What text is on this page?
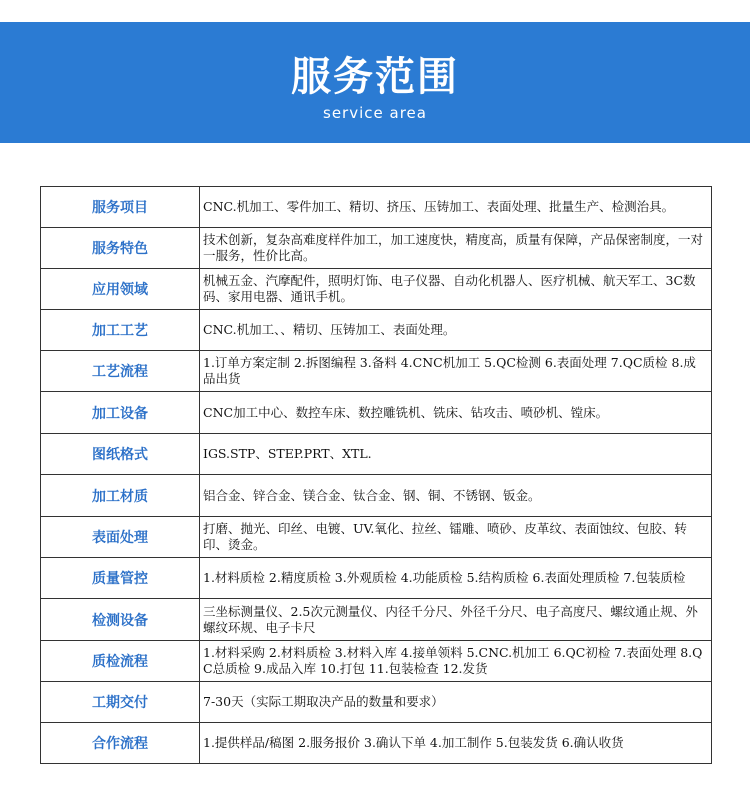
服务范围
service area
服务项目	CNC.机加工、零件加工、精切、挤压、压铸加工、表面处理、批量生产、检测治具。
服务特色	技术创新，复杂高难度样件加工，加工速度快，精度高，质量有保障，产品保密制度，一对一服务，性价比高。
应用领域	机械五金、汽摩配件，照明灯饰、电子仪器、自动化机器人、医疗机械、航天军工、3C数码、家用电器、通讯手机。
加工工艺	CNC.机加工、、精切、压铸加工、表面处理。
工艺流程	1.订单方案定制 2.拆图编程 3.备料 4.CNC机加工 5.QC检测 6.表面处理 7.QC质检 8.成品出货
加工设备	CNC加工中心、数控车床、数控雕铣机、铣床、钻攻击、喷砂机、镗床。
图纸格式	IGS.STP、STEP.PRT、XTL.
加工材质	铝合金、锌合金、镁合金、钛合金、钢、铜、不锈钢、钣金。
表面处理	打磨、抛光、印丝、电镀、UV.氧化、拉丝、镭雕、喷砂、皮革纹、表面蚀纹、包胶、转印、烫金。
质量管控	1.材料质检 2.精度质检 3.外观质检 4.功能质检 5.结构质检 6.表面处理质检 7.包装质检
检测设备	三坐标测量仪、2.5次元测量仪、内径千分尺、外径千分尺、电子高度尺、螺纹通止规、外螺纹环规、电子卡尺
质检流程	1.材料采购 2.材料质检 3.材料入库 4.接单领料 5.CNC.机加工 6.QC初检 7.表面处理 8.QC总质检 9.成品入库 10.打包 11.包装检查 12.发货
工期交付	7-30天（实际工期取决产品的数量和要求）
合作流程	1.提供样品/稿图 2.服务报价 3.确认下单 4.加工制作 5.包装发货 6.确认收货
